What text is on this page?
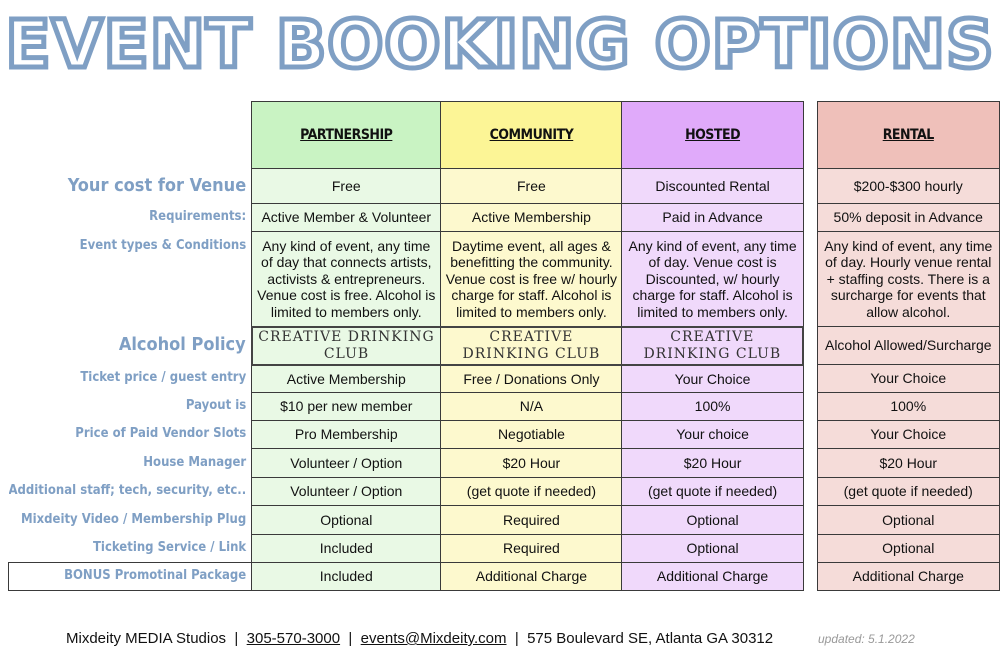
EVENT BOOKING OPTIONS
	PARTNERSHIP	COMMUNITY	HOSTED		RENTAL
Your cost for Venue	Free	Free	Discounted Rental		$200-$300 hourly
Requirements:	Active Member & Volunteer	Active Membership	Paid in Advance		50% deposit in Advance
Event types & Conditions	Any kind of event, any time of day that connects artists, activists & entrepreneurs. Venue cost is free. Alcohol is limited to members only.	Daytime event, all ages & benefitting the community. Venue cost is free w/ hourly charge for staff. Alcohol is limited to members only.	Any kind of event, any time of day. Venue cost is Discounted, w/ hourly charge for staff. Alcohol is limited to members only.		Any kind of event, any time of day. Hourly venue rental + staffing costs. There is a surcharge for events that allow alcohol.
Alcohol Policy	CREATIVE DRINKING CLUB	CREATIVE DRINKING CLUB	CREATIVE DRINKING CLUB		Alcohol Allowed/Surcharge
Ticket price / guest entry	Active Membership	Free / Donations Only	Your Choice		Your Choice
Payout is	$10 per new member	N/A	100%		100%
Price of Paid Vendor Slots	Pro Membership	Negotiable	Your choice		Your Choice
House Manager	Volunteer / Option	$20 Hour	$20 Hour		$20 Hour
Additional staff; tech, security, etc..	Volunteer / Option	(get quote if needed)	(get quote if needed)		(get quote if needed)
Mixdeity Video / Membership Plug	Optional	Required	Optional		Optional
Ticketing Service / Link	Included	Required	Optional		Optional
BONUS Promotinal Package	Included	Additional Charge	Additional Charge		Additional Charge
Mixdeity MEDIA Studios | 305-570-3000 | events@Mixdeity.com | 575 Boulevard SE, Atlanta GA 30312	updated: 5.1.2022
